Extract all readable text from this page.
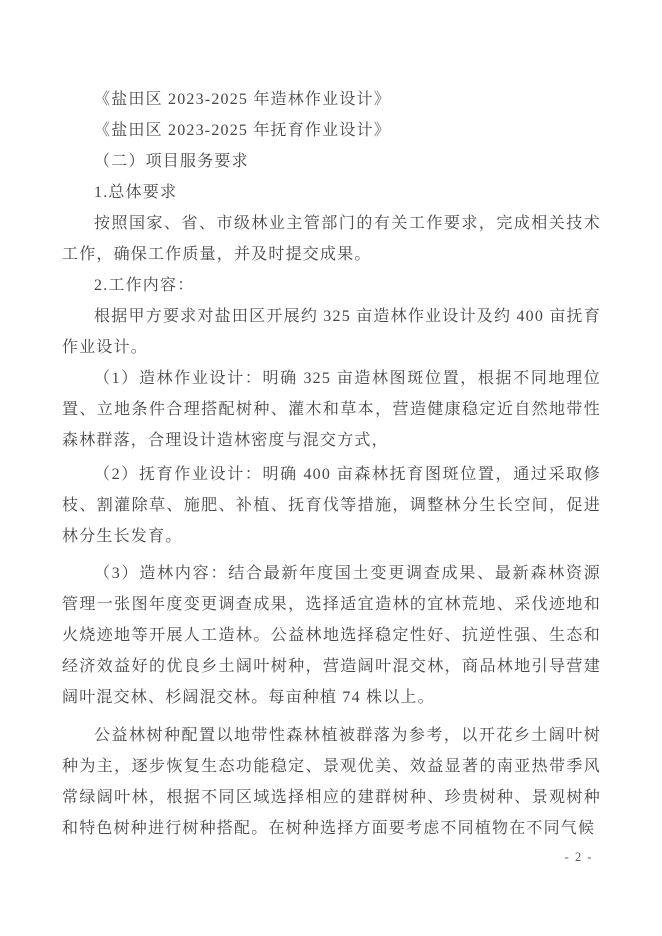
《盐田区 2023-2025 年造林作业设计》

《盐田区 2023-2025 年抚育作业设计》

（二）项目服务要求

1.总体要求

按照国家、省、市级林业主管部门的有关工作要求，完成相关技术工作，确保工作质量，并及时提交成果。

2.工作内容：

根据甲方要求对盐田区开展约 325 亩造林作业设计及约 400 亩抚育作业设计。

（1）造林作业设计：明确 325 亩造林图斑位置，根据不同地理位置、立地条件合理搭配树种、灌木和草本，营造健康稳定近自然地带性森林群落，合理设计造林密度与混交方式，

（2）抚育作业设计：明确 400 亩森林抚育图斑位置，通过采取修枝、割灌除草、施肥、补植、抚育伐等措施，调整林分生长空间，促进林分生长发育。

（3）造林内容：结合最新年度国土变更调查成果、最新森林资源管理一张图年度变更调查成果，选择适宜造林的宜林荒地、采伐迹地和火烧迹地等开展人工造林。公益林地选择稳定性好、抗逆性强、生态和经济效益好的优良乡土阔叶树种，营造阔叶混交林，商品林地引导营建阔叶混交林、杉阔混交林。每亩种植 74 株以上。

公益林树种配置以地带性森林植被群落为参考，以开花乡土阔叶树种为主，逐步恢复生态功能稳定、景观优美、效益显著的南亚热带季风常绿阔叶林，根据不同区域选择相应的建群树种、珍贵树种、景观树种和特色树种进行树种搭配。在树种选择方面要考虑不同植物在不同气候

- 2 -
